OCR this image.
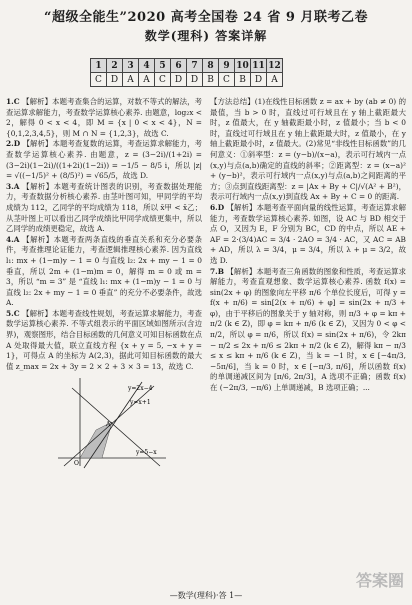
“超级全能生”2020 高考全国卷 24 省 9 月联考乙卷
数学(理科) 答案详解
1	2	3	4	5	6	7	8	9	10	11	12
C	D	A	A	C	D	D	B	C	B	D	A

1.C 【解析】本题考查集合的运算，对数不等式的解法，考查运算求解能力，考查数学运算核心素养. 由题意，log₂x < 2，解得 0 < x < 4，即 M = {x | 0 < x < 4}，N = {0,1,2,3,4,5}，则 M ∩ N = {1,2,3}，故选 C.

2.D 【解析】本题考查复数的运算，考查运算求解能力，考查数学运算核心素养. 由题意，z = (3−2i)/(1+2i) = (3−2i)(1−2i)/((1+2i)(1−2i)) = −1/5 − 8/5 i，所以 |z| = √((−1/5)² + (8/5)²) = √65/5，故选 D.

3.A 【解析】本题考查统计图表的识别，考查数据处理能力，考查数据分析核心素养. 由茎叶图可知，甲同学的平均成绩为 112，乙同学的平均成绩为 118，所以 x̄甲 < x̄乙；从茎叶图上可以看出乙同学成绩比甲同学成绩更集中，所以乙同学的成绩更稳定，故选 A.

4.A 【解析】本题考查两条直线的垂直关系和充分必要条件，考查推理论证能力，考查逻辑推理核心素养. 因为直线 l₁: mx + (1−m)y − 1 = 0 与直线 l₂: 2x + my − 1 = 0 垂直，所以 2m + (1−m)m = 0，解得 m = 0 或 m = 3，所以 “m = 3” 是 “直线 l₁: mx + (1−m)y − 1 = 0 与直线 l₂: 2x + my − 1 = 0 垂直” 的充分不必要条件，故选 A.

5.C 【解析】本题考查线性规划，考查运算求解能力，考查数学运算核心素养. 不等式组表示的平面区域如图所示(含边界)，观察图形，结合目标函数的几何意义可知目标函数在点 A 处取得最大值，联立直线方程 {x + y = 5, −x + y = 1}，可得点 A 的坐标为 A(2,3)，据此可知目标函数的最大值 z_max = 2x + 3y = 2 × 2 + 3 × 3 = 13，故选 C.

y=2x−4
y=x+1
y=5−x
A
O

【方法总结】(1)在线性目标函数 z = ax + by (ab ≠ 0) 的最值，当 b > 0 时，直线过可行域且在 y 轴上截距最大时，z 值最大，在 y 轴截距最小时，z 值最小；当 b < 0 时，直线过可行域且在 y 轴上截距最大时，z 值最小，在 y 轴上截距最小时，z 值最大。(2)常见“非线性目标函数”的几何意义：①斜率型：z = (y−b)/(x−a)，表示可行域内一点(x,y)与点(a,b)确定的直线的斜率；②距离型：z = (x−a)² + (y−b)²，表示可行域内一点(x,y)与点(a,b)之间距离的平方；③点到直线距离型：z = |Ax + By + C|/√(A² + B²)，表示可行域内一点(x,y)到直线 Ax + By + C = 0 的距离.

6.D 【解析】本题考查平面向量的线性运算，考查运算求解能力，考查数学运算核心素养. 如图，设 AC 与 BD 相交于点 O，又因为 E，F 分别为 BC，CD 的中点，所以 AE + AF = 2·(3/4)AC = 3/4 · 2AO = 3/4 · AC，又 AC = AB + AD，所以 λ = 3/4，μ = 3/4，所以 λ + μ = 3/2，故选 D.

7.B 【解析】本题考查三角函数的图象和性质，考查运算求解能力，考查直观想象、数学运算核心素养. 函数 f(x) = sin(2x + φ) 的图象向左平移 π/6 个单位长度后，可得 y = f(x + π/6) = sin[2(x + π/6) + φ] = sin(2x + π/3 + φ)，由于平移后的图象关于 y 轴对称，则 π/3 + φ = kπ + π/2 (k ∈ Z)，即 φ = kπ + π/6 (k ∈ Z)，又因为 0 < φ < π/2，所以 φ = π/6，所以 f(x) = sin(2x + π/6)，令 2kπ − π/2 ≤ 2x + π/6 ≤ 2kπ + π/2 (k ∈ Z)，解得 kπ − π/3 ≤ x ≤ kπ + π/6 (k ∈ Z)，当 k = −1 时，x ∈ [−4π/3, −5π/6]，当 k = 0 时，x ∈ [−π/3, π/6]，所以函数 f(x) 的单调递减区间为 [π/6, 2π/3]，A 选项不正确；函数 f(x) 在 (−2π/3, −π/6) 上单调递减，B 选项正确；...

答案圈
—数学(理科)·答 1—
